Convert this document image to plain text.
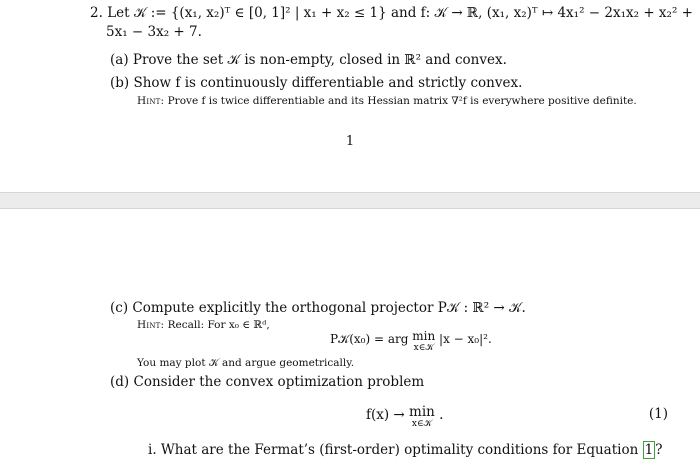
2. Let 𝒦 := {(x₁, x₂)ᵀ ∈ [0, 1]² | x₁ + x₂ ≤ 1} and f: 𝒦 → ℝ, (x₁, x₂)ᵀ ↦ 4x₁² − 2x₁x₂ + x₂² +
5x₁ − 3x₂ + 7.
(a) Prove the set 𝒦 is non-empty, closed in ℝ² and convex.
(b) Show f is continuously differentiable and strictly convex.
Hint: Prove f is twice differentiable and its Hessian matrix ∇²f is everywhere positive definite.
1
(c) Compute explicitly the orthogonal projector P𝒦 : ℝ² → 𝒦.
Hint: Recall: For x₀ ∈ ℝᵈ,
P𝒦(x₀) = arg min
x∈𝒦
|x − x₀|².
You may plot 𝒦 and argue geometrically.
(d) Consider the convex optimization problem
f(x) → min
x∈𝒦
.	(1)
i. What are the Fermat’s (first-order) optimality conditions for Equation 1 ?
